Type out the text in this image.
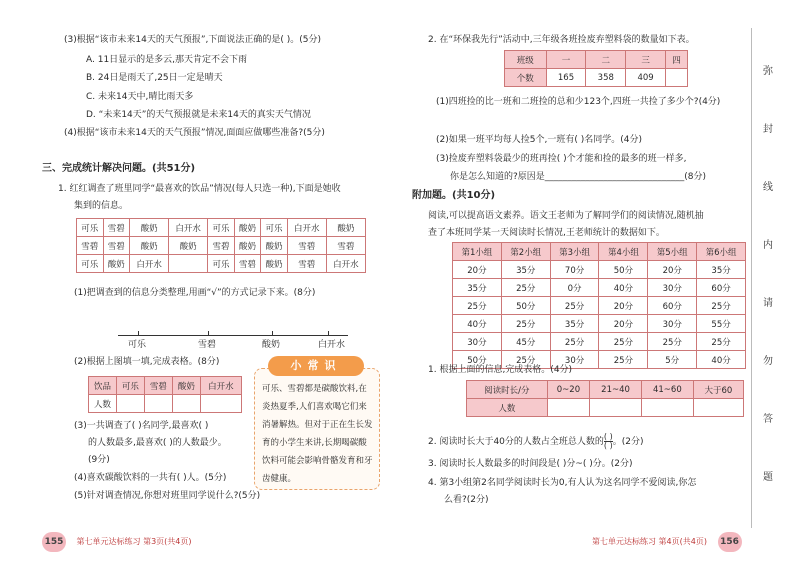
(3)根据“该市未来14天的天气预报”,下面说法正确的是( )。(5分)
A. 11日显示的是多云,那天肯定不会下雨
B. 24日是雨天了,25日一定是晴天
C. 未来14天中,晴比雨天多
D. “未来14天”的天气预报就是未来14天的真实天气情况
(4)根据“该市未来14天的天气预报”情况,面面应做哪些准备?(5分)
三、完成统计解决问题。(共51分)
1. 红红调查了班里同学“最喜欢的饮品”情况(每人只选一种),下面是她收
集到的信息。
可乐	雪碧	酸奶	白开水	可乐	酸奶	可乐	白开水	酸奶
雪碧	雪碧	酸奶	酸奶	雪碧	酸奶	酸奶	雪碧	雪碧
可乐	酸奶	白开水		可乐	雪碧	酸奶	雪碧	白开水
(1)把调查到的信息分类整理,用画“√”的方式记录下来。(8分)
可乐	雪碧	酸奶	白开水
(2)根据上图填一填,完成表格。(8分)
饮品	可乐	雪碧	酸奶	白开水
人数				
(3)一共调查了( )名同学,最喜欢( )
的人数最多,最喜欢( )的人数最少。
(9分)
(4)喜欢碳酸饮料的一共有( )人。(5分)
(5)针对调查情况,你想对班里同学说什么?(5分)
小常识
可乐、雪碧都是碳酸饮料,在炎热夏季,人们喜欢喝它们来消暑解热。但对于正在生长发育的小学生来讲,长期喝碳酸饮料可能会影响骨骼发育和牙齿健康。
155 第七单元达标练习 第3页(共4页)
2. 在“环保我先行”活动中,三年级各班捡废弃塑料袋的数量如下表。
班级	一	二	三	四
个数	165	358	409	
(1)四班捡的比一班和二班捡的总和少123个,四班一共捡了多少个?(4分)
(2)如果一班平均每人捡5个,一班有( )名同学。(4分)
(3)捡废弃塑料袋最少的班再捡( )个才能和捡的最多的班一样多,
你是怎么知道的?原因是_______________________________(8分)
附加题。(共10分)
阅读,可以提高语文素养。语文王老师为了解同学们的阅读情况,随机抽
查了本班同学某一天阅读时长情况,王老师统计的数据如下。
第1小组	第2小组	第3小组	第4小组	第5小组	第6小组
20分	35分	70分	50分	20分	35分
35分	25分	0分	40分	30分	60分
25分	50分	25分	20分	60分	25分
40分	25分	35分	20分	30分	55分
30分	45分	25分	25分	25分	25分
50分	25分	30分	25分	5分	40分
1. 根据上面的信息,完成表格。(4分)
阅读时长/分	0~20	21~40	41~60	大于60
人数				
2. 阅读时长大于40分的人数占全班总人数的 $\frac{( )}{( )}$ 。(2分)
3. 阅读时长人数最多的时间段是( )分~( )分。(2分)
4. 第3小组第2名同学阅读时长为0,有人认为这名同学不爱阅读,你怎
么看?(2分)
第七单元达标练习 第4页(共4页) 156
弥
封
线
内
请
勿
答
题
